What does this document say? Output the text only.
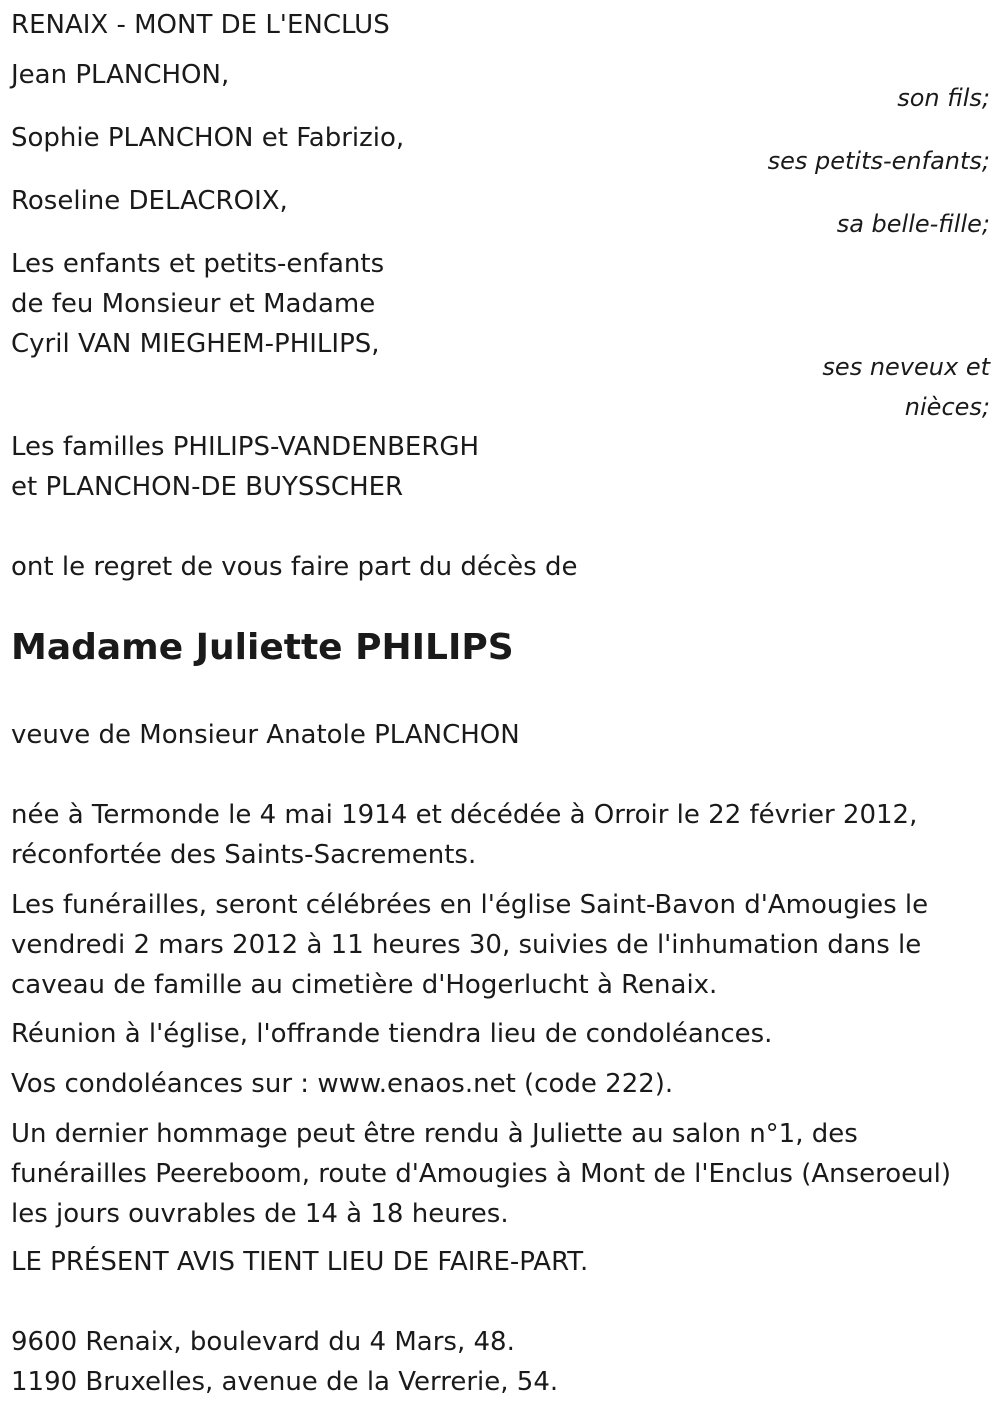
RENAIX - MONT DE L'ENCLUS
Jean PLANCHON,
son fils;
Sophie PLANCHON et Fabrizio,
ses petits-enfants;
Roseline DELACROIX,
sa belle-fille;
Les enfants et petits-enfants
de feu Monsieur et Madame
Cyril VAN MIEGHEM-PHILIPS,
ses neveux et
nièces;
Les familles PHILIPS-VANDENBERGH
et PLANCHON-DE BUYSSCHER
ont le regret de vous faire part du décès de
Madame Juliette PHILIPS
veuve de Monsieur Anatole PLANCHON
née à Termonde le 4 mai 1914 et décédée à Orroir le 22 février 2012,
réconfortée des Saints-Sacrements.
Les funérailles, seront célébrées en l'église Saint-Bavon d'Amougies le
vendredi 2 mars 2012 à 11 heures 30, suivies de l'inhumation dans le
caveau de famille au cimetière d'Hogerlucht à Renaix.
Réunion à l'église, l'offrande tiendra lieu de condoléances.
Vos condoléances sur : www.enaos.net (code 222).
Un dernier hommage peut être rendu à Juliette au salon n°1, des
funérailles Peereboom, route d'Amougies à Mont de l'Enclus (Anseroeul)
les jours ouvrables de 14 à 18 heures.
LE PRÉSENT AVIS TIENT LIEU DE FAIRE-PART.
9600 Renaix, boulevard du 4 Mars, 48.
1190 Bruxelles, avenue de la Verrerie, 54.
